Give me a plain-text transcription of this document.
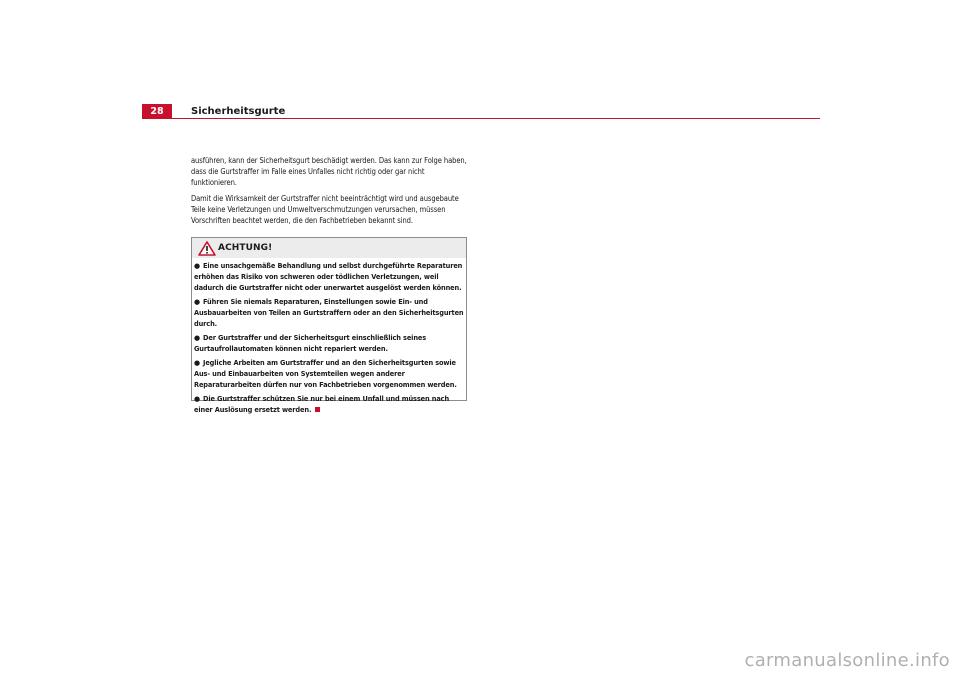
28	Sicherheitsgurte

ausführen, kann der Sicherheitsgurt beschädigt werden. Das kann zur Folge haben, dass die Gurtstraffer im Falle eines Unfalles nicht richtig oder gar nicht funktionieren.

Damit die Wirksamkeit der Gurtstraffer nicht beeinträchtigt wird und ausgebaute Teile keine Verletzungen und Umweltverschmutzungen verursachen, müssen Vorschriften beachtet werden, die den Fachbetrieben bekannt sind.

ACHTUNG!
● Eine unsachgemäße Behandlung und selbst durchgeführte Reparaturen erhöhen das Risiko von schweren oder tödlichen Verletzungen, weil dadurch die Gurtstraffer nicht oder unerwartet ausgelöst werden können.
● Führen Sie niemals Reparaturen, Einstellungen sowie Ein- und Ausbauarbeiten von Teilen an Gurtstraffern oder an den Sicherheitsgurten durch.
● Der Gurtstraffer und der Sicherheitsgurt einschließlich seines Gurtaufrollautomaten können nicht repariert werden.
● Jegliche Arbeiten am Gurtstraffer und an den Sicherheitsgurten sowie Aus- und Einbauarbeiten von Systemteilen wegen anderer Reparaturarbeiten dürfen nur von Fachbetrieben vorgenommen werden.
● Die Gurtstraffer schützen Sie nur bei einem Unfall und müssen nach einer Auslösung ersetzt werden.
carmanualsonline.info
